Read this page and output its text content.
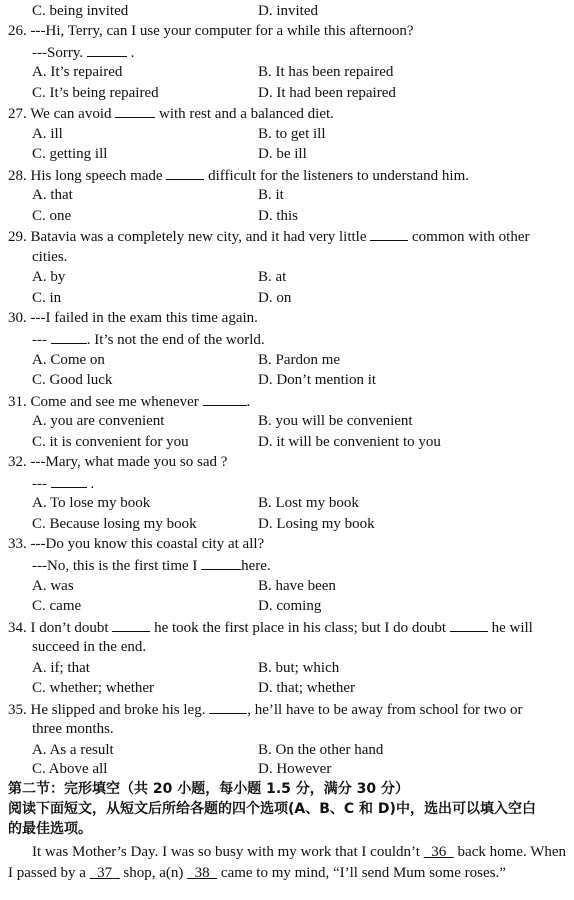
C. being invited	D. invited
26. ---Hi, Terry, can I use your computer for a while this afternoon?
---Sorry.	.
A. It’s repaired	B. It has been repaired
C. It’s being repaired	D. It had been repaired
27. We can avoid	with rest and a balanced diet.
A. ill	B. to get ill
C. getting ill	D. be ill
28. His long speech made	difficult for the listeners to understand him.
A. that	B. it
C. one	D. this
29. Batavia was a completely new city, and it had very little	common with other
cities.
A. by	B. at
C. in	D. on
30. ---I failed in the exam this time again.
---	. It’s not the end of the world.
A. Come on	B. Pardon me
C. Good luck	D. Don’t mention it
31. Come and see me whenever	.
A. you are convenient	B. you will be convenient
C. it is convenient for you	D. it will be convenient to you
32. ---Mary, what made you so sad ?
---	.
A. To lose my book	B. Lost my book
C. Because losing my book	D. Losing my book
33. ---Do you know this coastal city at all?
---No, this is the first time I	here.
A. was	B. have been
C. came	D. coming
34. I don’t doubt	he took the first place in his class; but I do doubt	he will
succeed in the end.
A. if; that	B. but; which
C. whether; whether	D. that; whether
35. He slipped and broke his leg.	, he’ll have to be away from school for two or
three months.
A. As a result	B. On the other hand
C. Above all	D. However
第二节：完形填空（共 20 小题，每小题 1.5 分，满分 30 分）
阅读下面短文，从短文后所给各题的四个选项(A、B、C 和 D)中，选出可以填入空白
的最佳选项。
It was Mother’s Day. I was so busy with my work that I couldn’t 36 back home. When I passed by a 37 shop, a(n) 38 came to my mind, “I’ll send Mum some roses.”
